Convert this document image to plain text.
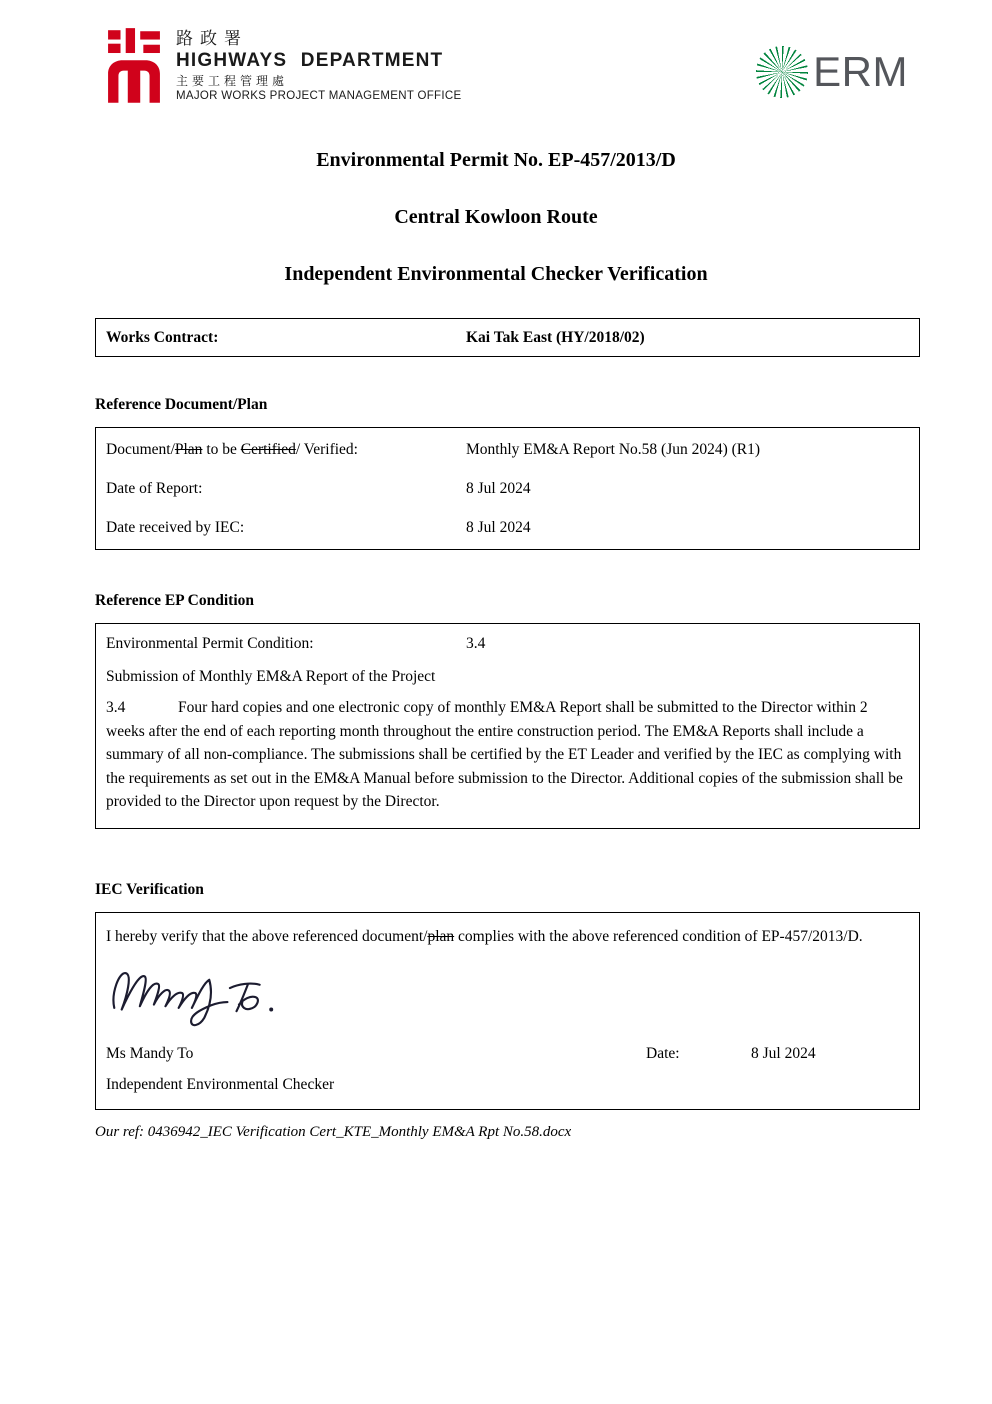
路政署
HIGHWAYS DEPARTMENT
主要工程管理處
MAJOR WORKS PROJECT MANAGEMENT OFFICE
ERM
Environmental Permit No. EP-457/2013/D
Central Kowloon Route
Independent Environmental Checker Verification
Works Contract:	Kai Tak East (HY/2018/02)
Reference Document/Plan
Document/Plan to be Certified/ Verified:	Monthly EM&A Report No.58 (Jun 2024) (R1)
Date of Report:	8 Jul 2024
Date received by IEC:	8 Jul 2024
Reference EP Condition
Environmental Permit Condition:	3.4
Submission of Monthly EM&A Report of the Project
3.4	Four hard copies and one electronic copy of monthly EM&A Report shall be submitted to the Director within 2 weeks after the end of each reporting month throughout the entire construction period. The EM&A Reports shall include a summary of all non-compliance. The submissions shall be certified by the ET Leader and verified by the IEC as complying with the requirements as set out in the EM&A Manual before submission to the Director. Additional copies of the submission shall be provided to the Director upon request by the Director.
IEC Verification
I hereby verify that the above referenced document/plan complies with the above referenced condition of EP-457/2013/D.
Ms Mandy To	Date:	8 Jul 2024
Independent Environmental Checker
Our ref: 0436942_IEC Verification Cert_KTE_Monthly EM&A Rpt No.58.docx
